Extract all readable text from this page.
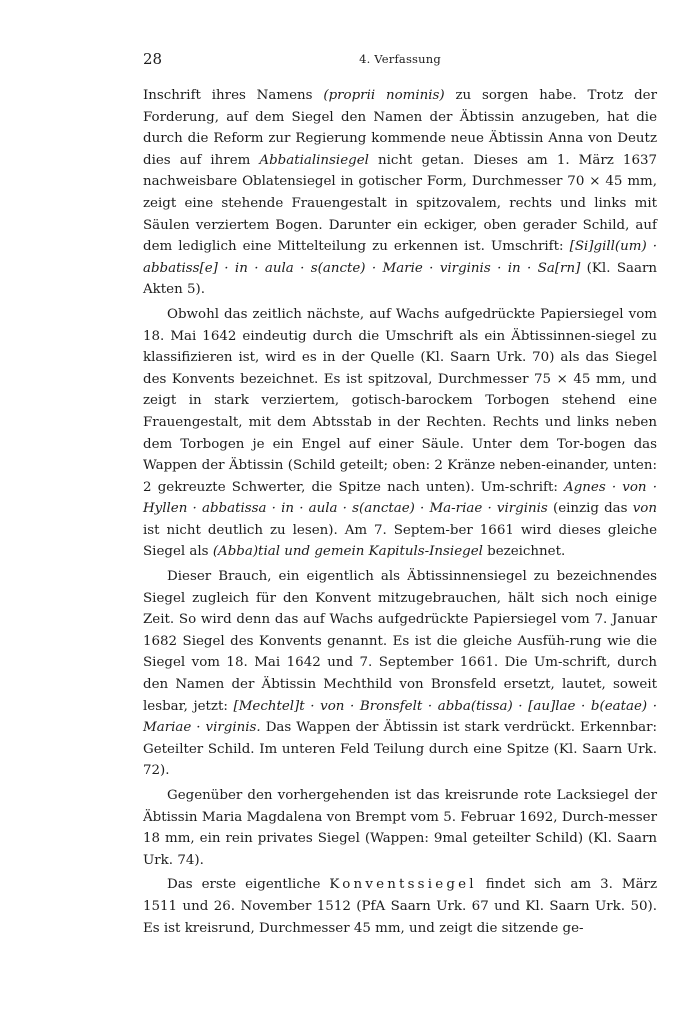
28	4. Verfassung

Inschrift ihres Namens (proprii nominis) zu sorgen habe. Trotz der Forderung, auf dem Siegel den Namen der Äbtissin anzugeben, hat die durch die Reform zur Regierung kommende neue Äbtissin Anna von Deutz dies auf ihrem Abbatialinsiegel nicht getan. Dieses am 1. März 1637 nachweisbare Oblatensiegel in gotischer Form, Durchmesser 70 × 45 mm, zeigt eine stehende Frauengestalt in spitzovalem, rechts und links mit Säulen verziertem Bogen. Darunter ein eckiger, oben gerader Schild, auf dem lediglich eine Mittelteilung zu erkennen ist. Umschrift: [Si]gill(um) · abbatiss[e] · in · aula · s(ancte) · Marie · virginis · in · Sa[rn] (Kl. Saarn Akten 5).

Obwohl das zeitlich nächste, auf Wachs aufgedrückte Papiersiegel vom 18. Mai 1642 eindeutig durch die Umschrift als ein Äbtissinnen-siegel zu klassifizieren ist, wird es in der Quelle (Kl. Saarn Urk. 70) als das Siegel des Konvents bezeichnet. Es ist spitzoval, Durchmesser 75 × 45 mm, und zeigt in stark verziertem, gotisch-barockem Torbogen stehend eine Frauengestalt, mit dem Abtsstab in der Rechten. Rechts und links neben dem Torbogen je ein Engel auf einer Säule. Unter dem Tor-bogen das Wappen der Äbtissin (Schild geteilt; oben: 2 Kränze neben-einander, unten: 2 gekreuzte Schwerter, die Spitze nach unten). Um-schrift: Agnes · von · Hyllen · abbatissa · in · aula · s(anctae) · Ma-riae · virginis (einzig das von ist nicht deutlich zu lesen). Am 7. Septem-ber 1661 wird dieses gleiche Siegel als (Abba)tial und gemein Kapituls-Insiegel bezeichnet.

Dieser Brauch, ein eigentlich als Äbtissinnensiegel zu bezeichnendes Siegel zugleich für den Konvent mitzugebrauchen, hält sich noch einige Zeit. So wird denn das auf Wachs aufgedrückte Papiersiegel vom 7. Januar 1682 Siegel des Konvents genannt. Es ist die gleiche Ausfüh-rung wie die Siegel vom 18. Mai 1642 und 7. September 1661. Die Um-schrift, durch den Namen der Äbtissin Mechthild von Bronsfeld ersetzt, lautet, soweit lesbar, jetzt: [Mechtel]t · von · Bronsfelt · abba(tissa) · [au]lae · b(eatae) · Mariae · virginis. Das Wappen der Äbtissin ist stark verdrückt. Erkennbar: Geteilter Schild. Im unteren Feld Teilung durch eine Spitze (Kl. Saarn Urk. 72).

Gegenüber den vorhergehenden ist das kreisrunde rote Lacksiegel der Äbtissin Maria Magdalena von Brempt vom 5. Februar 1692, Durch-messer 18 mm, ein rein privates Siegel (Wappen: 9mal geteilter Schild) (Kl. Saarn Urk. 74).

Das erste eigentliche Konventssiegel findet sich am 3. März 1511 und 26. November 1512 (PfA Saarn Urk. 67 und Kl. Saarn Urk. 50). Es ist kreisrund, Durchmesser 45 mm, und zeigt die sitzende ge-
